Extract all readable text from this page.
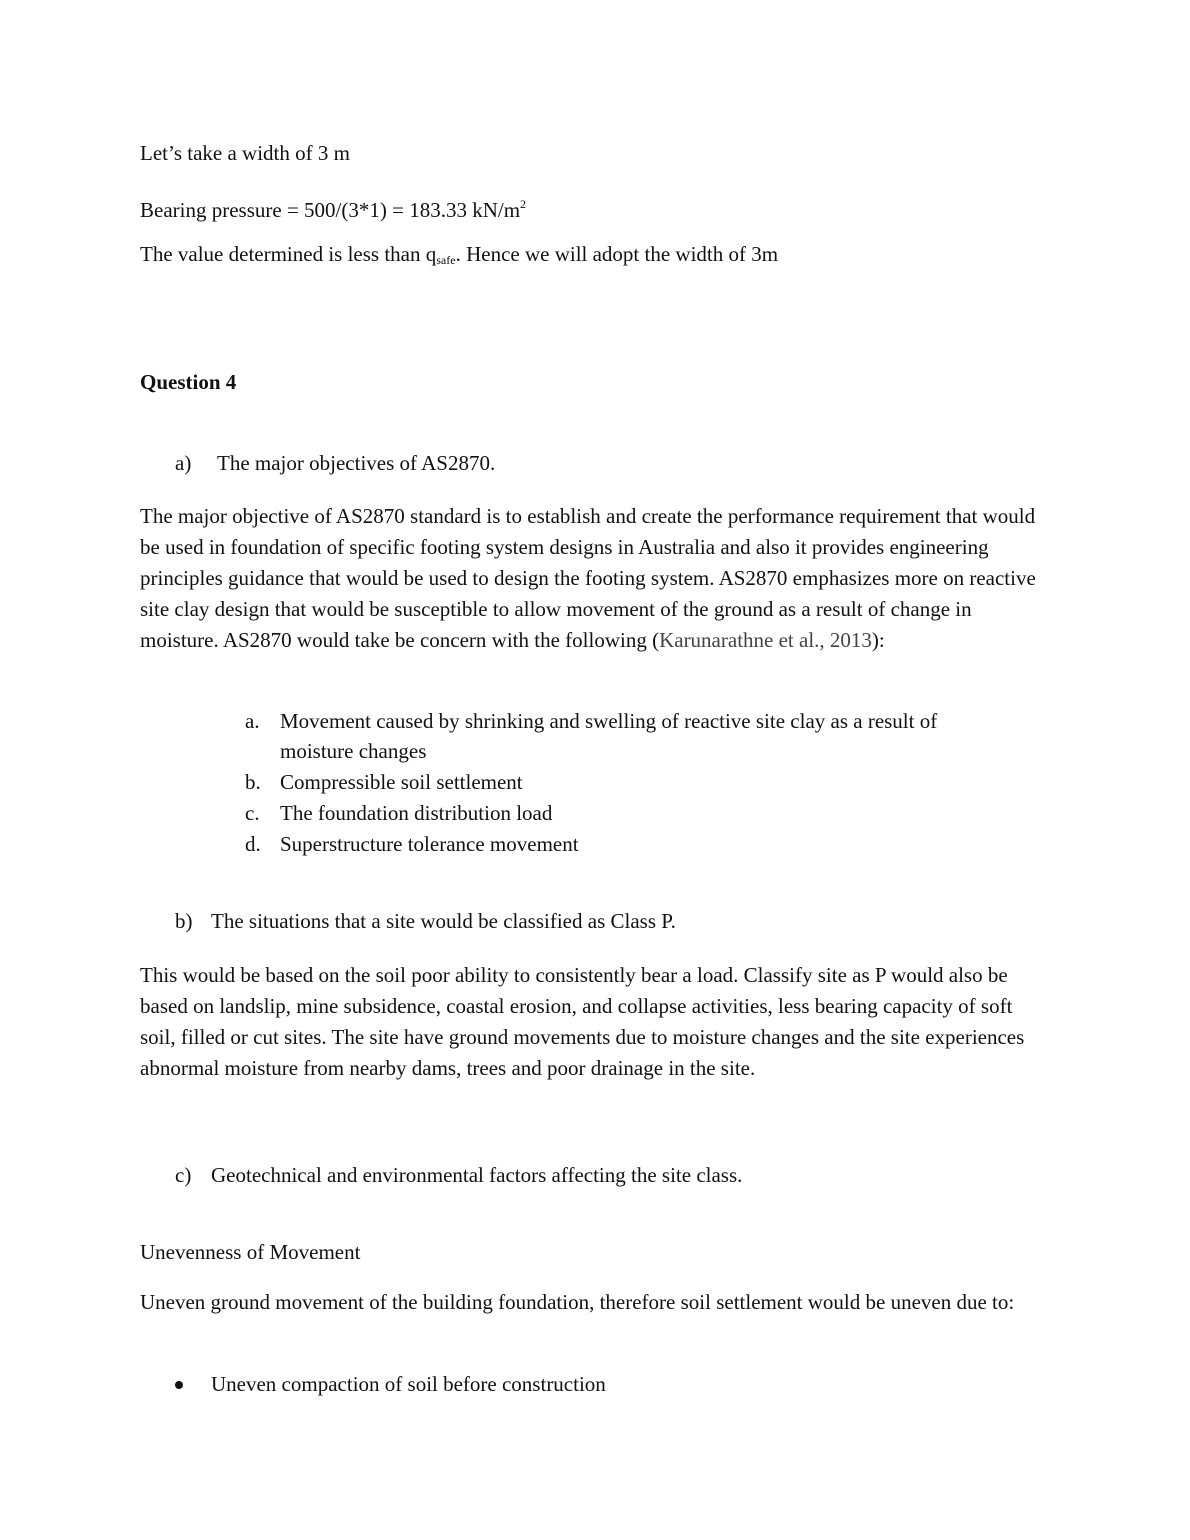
Let’s take a width of 3 m

Bearing pressure = 500/(3*1) = 183.33 $kN/m^2$

The value determined is less than $q_{safe}$. Hence we will adopt the width of 3m

Question 4

a) The major objectives of AS2870.

The major objective of AS2870 standard is to establish and create the performance requirement that would be used in foundation of specific footing system designs in Australia and also it provides engineering principles guidance that would be used to design the footing system. AS2870 emphasizes more on reactive site clay design that would be susceptible to allow movement of the ground as a result of change in moisture. AS2870 would take be concern with the following (Karunarathne et al., 2013):

a. Movement caused by shrinking and swelling of reactive site clay as a result of
moisture changes
b. Compressible soil settlement
c. The foundation distribution load
d. Superstructure tolerance movement
b) The situations that a site would be classified as Class P.

This would be based on the soil poor ability to consistently bear a load. Classify site as P would also be based on landslip, mine subsidence, coastal erosion, and collapse activities, less bearing capacity of soft soil, filled or cut sites. The site have ground movements due to moisture changes and the site experiences abnormal moisture from nearby dams, trees and poor drainage in the site.

c) Geotechnical and environmental factors affecting the site class.

Unevenness of Movement

Uneven ground movement of the building foundation, therefore soil settlement would be uneven due to:

Uneven compaction of soil before construction
